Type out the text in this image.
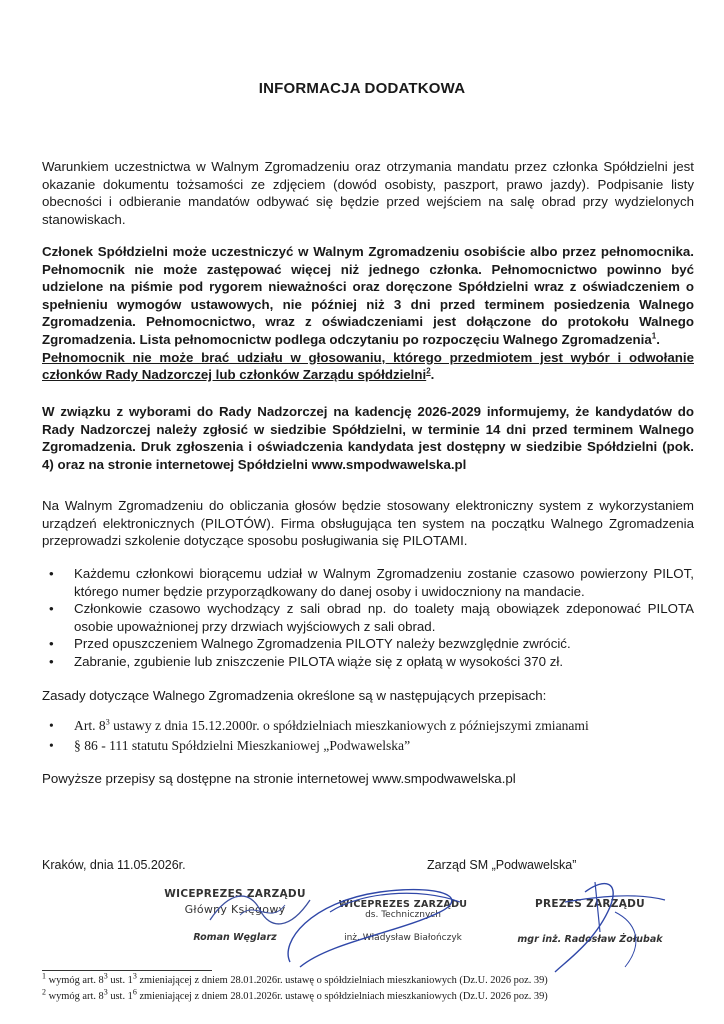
INFORMACJA DODATKOWA
Warunkiem uczestnictwa w Walnym Zgromadzeniu oraz otrzymania mandatu przez członka Spółdzielni jest okazanie dokumentu tożsamości ze zdjęciem (dowód osobisty, paszport, prawo jazdy). Podpisanie listy obecności i odbieranie mandatów odbywać się będzie przed wejściem na salę obrad przy wydzielonych stanowiskach.
Członek Spółdzielni może uczestniczyć w Walnym Zgromadzeniu osobiście albo przez pełnomocnika. Pełnomocnik nie może zastępować więcej niż jednego członka. Pełnomocnictwo powinno być udzielone na piśmie pod rygorem nieważności oraz doręczone Spółdzielni wraz z oświadczeniem o spełnieniu wymogów ustawowych, nie później niż 3 dni przed terminem posiedzenia Walnego Zgromadzenia. Pełnomocnictwo, wraz z oświadczeniami jest dołączone do protokołu Walnego Zgromadzenia. Lista pełnomocnictw podlega odczytaniu po rozpoczęciu Walnego Zgromadzenia$^1$.
Pełnomocnik nie może brać udziału w głosowaniu, którego przedmiotem jest wybór i odwołanie członków Rady Nadzorczej lub członków Zarządu spółdzielni$^2$.
W związku z wyborami do Rady Nadzorczej na kadencję 2026-2029 informujemy, że kandydatów do Rady Nadzorczej należy zgłosić w siedzibie Spółdzielni, w terminie 14 dni przed terminem Walnego Zgromadzenia. Druk zgłoszenia i oświadczenia kandydata jest dostępny w siedzibie Spółdzielni (pok. 4) oraz na stronie internetowej Spółdzielni www.smpodwawelska.pl
Na Walnym Zgromadzeniu do obliczania głosów będzie stosowany elektroniczny system z wykorzystaniem urządzeń elektronicznych (PILOTÓW). Firma obsługująca ten system na początku Walnego Zgromadzenia przeprowadzi szkolenie dotyczące sposobu posługiwania się PILOTAMI.
• Każdemu członkowi biorącemu udział w Walnym Zgromadzeniu zostanie czasowo powierzony PILOT, którego numer będzie przyporządkowany do danej osoby i uwidoczniony na mandacie.
• Członkowie czasowo wychodzący z sali obrad np. do toalety mają obowiązek zdeponować PILOTA osobie upoważnionej przy drzwiach wyjściowych z sali obrad.
• Przed opuszczeniem Walnego Zgromadzenia PILOTY należy bezwzględnie zwrócić.
• Zabranie, zgubienie lub zniszczenie PILOTA wiąże się z opłatą w wysokości 370 zł.
Zasady dotyczące Walnego Zgromadzenia określone są w następujących przepisach:
• Art. $8^3$ ustawy z dnia 15.12.2000r. o spółdzielniach mieszkaniowych z późniejszymi zmianami
• § 86 - 111 statutu Spółdzielni Mieszkaniowej „Podwawelska”
Powyższe przepisy są dostępne na stronie internetowej www.smpodwawelska.pl
Kraków, dnia 11.05.2026r.	Zarząd SM „Podwawelska”
WICEPREZES ZARZĄDU
Główny Księgowy
Roman Węglarz
WICEPREZES ZARZĄDU
ds. Technicznych
inż. Władysław Białończyk
PREZES ZARZĄDU
mgr inż. Radosław Żołubak
$^1$ wymóg art. $8^3$ ust. $1^3$ zmieniającej z dniem 28.01.2026r. ustawę o spółdzielniach mieszkaniowych (Dz.U. 2026 poz. 39)
$^2$ wymóg art. $8^3$ ust. $1^6$ zmieniającej z dniem 28.01.2026r. ustawę o spółdzielniach mieszkaniowych (Dz.U. 2026 poz. 39)
